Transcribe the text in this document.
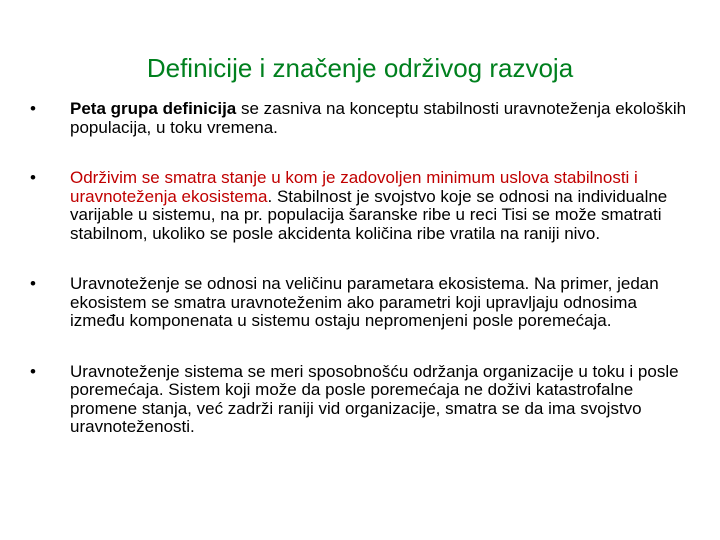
Definicije i značenje održivog razvoja
•	Peta grupa definicija se zasniva na konceptu stabilnosti uravnoteženja ekoloških populacija, u toku vremena.
•	Održivim se smatra stanje u kom je zadovoljen minimum uslova stabilnosti i uravnoteženja ekosistema. Stabilnost je svojstvo koje se odnosi na individualne varijable u sistemu, na pr. populacija šaranske ribe u reci Tisi se može smatrati stabilnom, ukoliko se posle akcidenta količina ribe vratila na raniji nivo.
•	Uravnoteženje se odnosi na veličinu parametara ekosistema. Na primer, jedan ekosistem se smatra uravnoteženim ako parametri koji upravljaju odnosima između komponenata u sistemu ostaju nepromenjeni posle poremećaja.
•	Uravnoteženje sistema se meri sposobnošću održanja organizacije u toku i posle poremećaja. Sistem koji može da posle poremećaja ne doživi katastrofalne promene stanja, već zadrži raniji vid organizacije, smatra se da ima svojstvo uravnoteženosti.
